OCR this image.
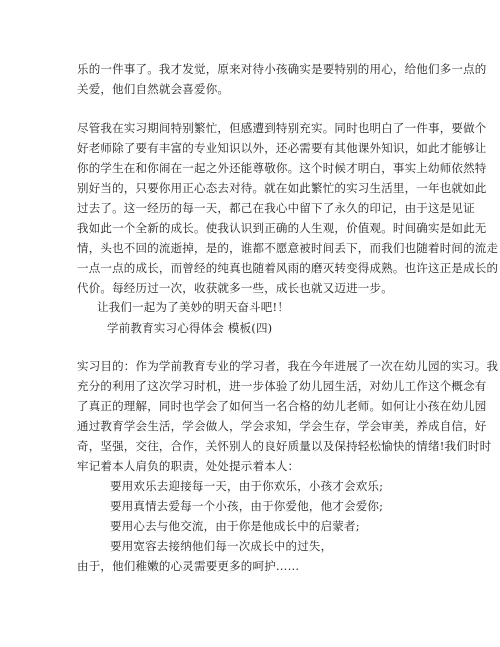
乐的一件事了。我才发觉，原来对待小孩确实是要特别的用心，给他们多一点的
关爱，他们自然就会喜爱你。
尽管我在实习期间特别繁忙，但感遭到特别充实。同时也明白了一件事，要做个
好老师除了要有丰富的专业知识以外，还必需要有其他课外知识，如此才能够让
你的学生在和你闹在一起之外还能尊敬你。这个时候才明白，事实上幼师依然特
别好当的，只要你用正心态去对待。就在如此繁忙的实习生活里，一年也就如此
过去了。这一经历的每一天，都己在我心中留下了永久的印记，由于这是见证
我如此一个全新的成长。使我认识到正确的人生观，价值观。时间确实是如此无
情，头也不回的流逝掉，是的，谁都不愿意被时间丢下，而我们也随着时间的流走
一点一点的成长，而曾经的纯真也随着风雨的磨灭转变得成熟。也许这正是成长的
代价。每经历过一次，收获就多一些，成长也就又迈进一步。
让我们一起为了美妙的明天奋斗吧!！
学前教育实习心得体会 模板(四)
实习目的：作为学前教育专业的学习者，我在今年进展了一次在幼儿园的实习。我
充分的利用了这次学习时机，进一步体验了幼儿园生活，对幼儿工作这个概念有
了真正的理解，同时也学会了如何当一名合格的幼儿老师。如何让小孩在幼儿园
通过教育学会生活，学会做人，学会求知，学会生存，学会审美，养成自信，好
奇，坚强，交往，合作，关怀别人的良好质量以及保持轻松愉快的情绪!我们时时
牢记着本人肩负的职责，处处提示着本人：
要用欢乐去迎接每一天，由于你欢乐，小孩才会欢乐;
要用真情去爱每一个小孩，由于你爱他，他才会爱你;
要用心去与他交流，由于你是他成长中的启蒙者;
要用宽容去接纳他们每一次成长中的过失，
由于，他们稚嫩的心灵需要更多的呵护……
